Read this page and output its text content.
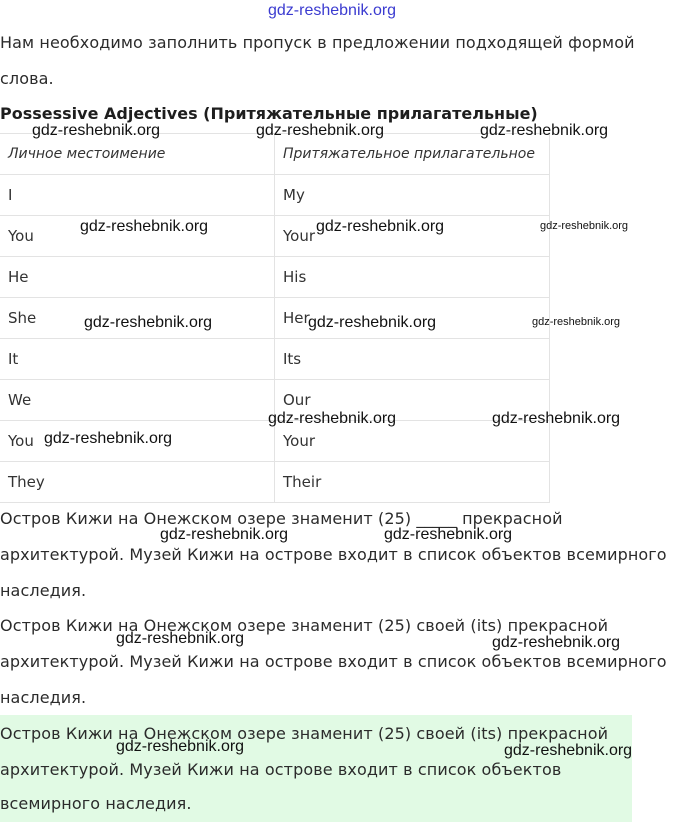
gdz-reshebnik.org

Нам необходимо заполнить пропуск в предложении подходящей формой

слова.

Possessive Adjectives (Притяжательные прилагательные)
Личное местоимение	Притяжательное прилагательное
I	My
You	Your
He	His
She	Her
It	Its
We	Our
You	Your
They	Their

Остров Кижи на Онежском озере знаменит (25) _____ прекрасной

архитектурой. Музей Кижи на острове входит в список объектов всемирного

наследия.

Остров Кижи на Онежском озере знаменит (25) своей (its) прекрасной

архитектурой. Музей Кижи на острове входит в список объектов всемирного

наследия.

Остров Кижи на Онежском озере знаменит (25) своей (its) прекрасной

архитектурой. Музей Кижи на острове входит в список объектов

всемирного наследия.

gdz-reshebnik.org	gdz-reshebnik.org	gdz-reshebnik.org
gdz-reshebnik.org	gdz-reshebnik.org	gdz-reshebnik.org
gdz-reshebnik.org	gdz-reshebnik.org	gdz-reshebnik.org
gdz-reshebnik.org	gdz-reshebnik.org
gdz-reshebnik.org
gdz-reshebnik.org	gdz-reshebnik.org
gdz-reshebnik.org	gdz-reshebnik.org
gdz-reshebnik.org	gdz-reshebnik.org
